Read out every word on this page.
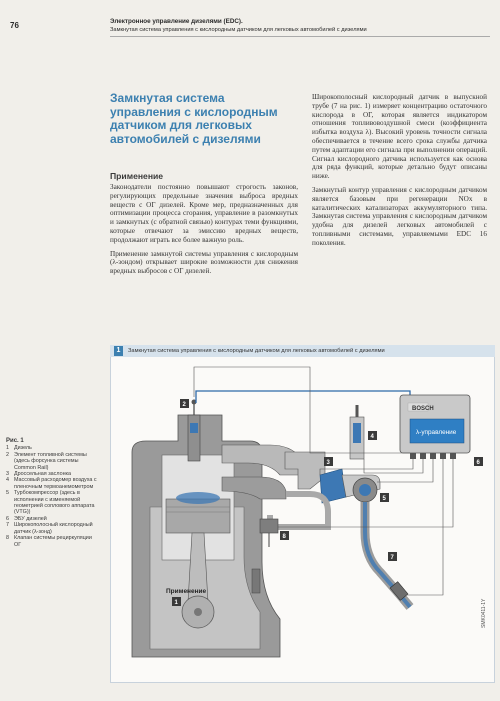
76	Электронное управление дизелями (EDC).
Замкнутая система управления с кислородным датчиком для легковых автомобилей с дизелями
Замкнутая система управления с кислородным датчиком для легковых автомобилей с дизелями
Применение

Законодатели постоянно повышают строгость законов, регулирующих предельные значения выброса вредных веществ с ОГ дизелей. Кроме мер, предназначенных для оптимизации процесса сгорания, управление в разомкнутых и замкнутых (с обратной связью) контурах теми функциями, которые отвечают за эмиссию вредных веществ, продолжают играть все более важную роль.

Применение замкнутой системы управления с кислородным (λ-зондом) открывает широкие возможности для снижения вредных выбросов с ОГ дизелей.

Широкополосный кислородный датчик в выпускной трубе (7 на рис. 1) измеряет концентрацию остаточного кислорода в ОГ, которая является индикатором отношения топливовоздушной смеси (коэффициента избытка воздуха λ). Высокий уровень точности сигнала обеспечивается в течение всего срока службы датчика путем адаптации его сигнала при выполнении операций. Сигнал кислородного датчика используется как основа для ряда функций, которые детально будут описаны ниже.

Замкнутый контур управления с кислородным датчиком является базовым при регенерации NOx в каталитических катализаторах аккумуляторного типа. Замкнутая система управления с кислородным датчиком удобна для дизелей легковых автомобилей с топливными системами, управляемыми EDC 16 поколения.

1	Замкнутая система управления с кислородным датчиком для легковых автомобилей с дизелями
Применение
BOSCH
λ-управление
1
2
3
4
5
6
7
8
Рис. 1
1 Дизель
2 Элемент топливной системы (здесь форсунка системы Common Rail)
3 Дроссельная заслонка
4 Массовый расходомер воздуха с пленочным термоанемометром
5 Турбокомпрессор (здесь в исполнении с изменяемой геометрией соплового аппарата (VTG))
6 ЭБУ дизелей
7 Широкополосный кислородный датчик (λ-зонд)
8 Клапан системы рециркуляции ОГ
SMK0411-1Y
